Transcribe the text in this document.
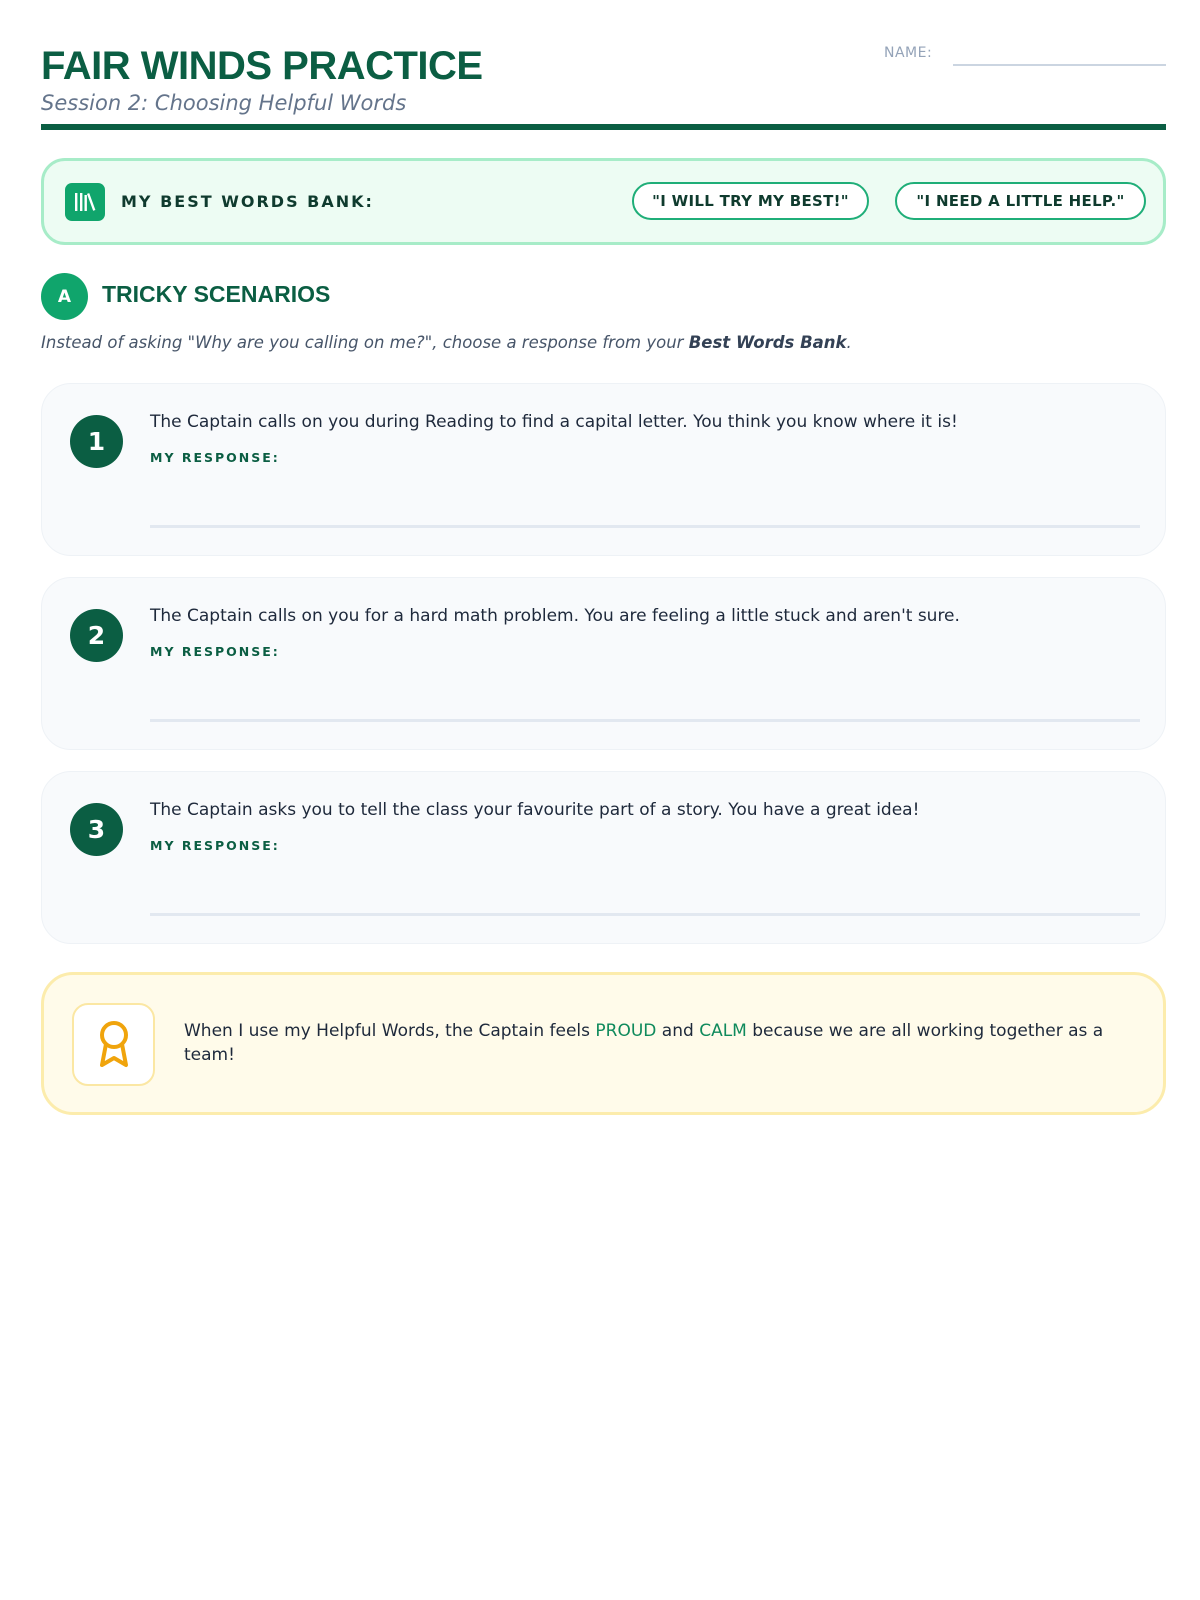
FAIR WINDS PRACTICE
Session 2: Choosing Helpful Words
NAME:
MY BEST WORDS BANK:	"I WILL TRY MY BEST!"	"I NEED A LITTLE HELP."
A	TRICKY SCENARIOS
Instead of asking "Why are you calling on me?", choose a response from your Best Words Bank.
1
The Captain calls on you during Reading to find a capital letter. You think you know where it is!
MY RESPONSE:
2
The Captain calls on you for a hard math problem. You are feeling a little stuck and aren't sure.
MY RESPONSE:
3
The Captain asks you to tell the class your favourite part of a story. You have a great idea!
MY RESPONSE:
When I use my Helpful Words, the Captain feels PROUD and CALM because we are all working together as a team!
